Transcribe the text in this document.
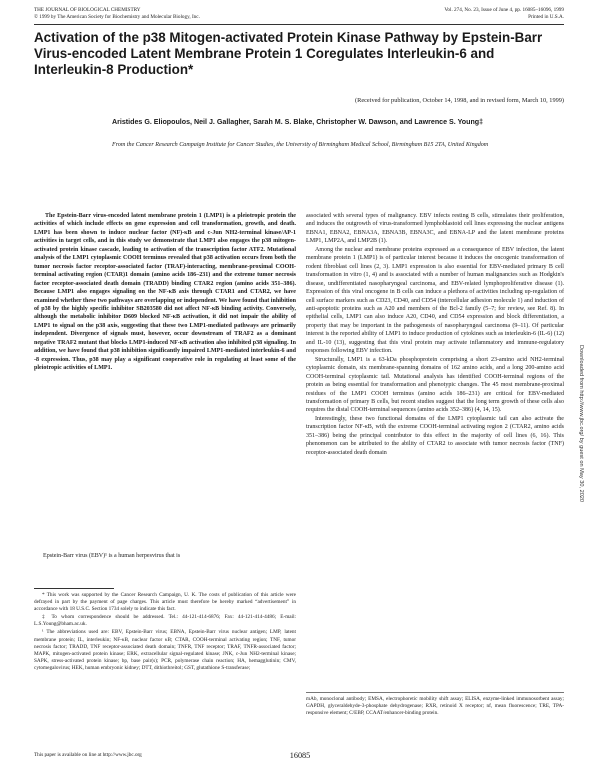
THE JOURNAL OF BIOLOGICAL CHEMISTRY
© 1999 by The American Society for Biochemistry and Molecular Biology, Inc.
Vol. 274, No. 23, Issue of June 4, pp. 16085–16096, 1999
Printed in U.S.A.
Activation of the p38 Mitogen-activated Protein Kinase Pathway by Epstein-Barr Virus-encoded Latent Membrane Protein 1 Coregulates Interleukin-6 and Interleukin-8 Production*
(Received for publication, October 14, 1998, and in revised form, March 10, 1999)
Aristides G. Eliopoulos, Neil J. Gallagher, Sarah M. S. Blake, Christopher W. Dawson, and Lawrence S. Young‡
From the Cancer Research Campaign Institute for Cancer Studies, the University of Birmingham Medical School, Birmingham B15 2TA, United Kingdom

The Epstein-Barr virus-encoded latent membrane protein 1 (LMP1) is a pleiotropic protein the activities of which include effects on gene expression and cell transformation, growth, and death. LMP1 has been shown to induce nuclear factor (NF)-κB and c-Jun NH2-terminal kinase/AP-1 activities in target cells, and in this study we demonstrate that LMP1 also engages the p38 mitogen-activated protein kinase cascade, leading to activation of the transcription factor ATF2. Mutational analysis of the LMP1 cytoplasmic COOH terminus revealed that p38 activation occurs from both the tumor necrosis factor receptor-associated factor (TRAF)-interacting, membrane-proximal COOH-terminal activating region (CTAR)1 domain (amino acids 186–231) and the extreme tumor necrosis factor receptor-associated death domain (TRADD) binding CTAR2 region (amino acids 351–386). Because LMP1 also engages signaling on the NF-κB axis through CTAR1 and CTAR2, we have examined whether these two pathways are overlapping or independent. We have found that inhibition of p38 by the highly specific inhibitor SB203580 did not affect NF-κB binding activity. Conversely, although the metabolic inhibitor D609 blocked NF-κB activation, it did not impair the ability of LMP1 to signal on the p38 axis, suggesting that these two LMP1-mediated pathways are primarily independent. Divergence of signals must, however, occur downstream of TRAF2 as a dominant negative TRAF2 mutant that blocks LMP1-induced NF-κB activation also inhibited p38 signaling. In addition, we have found that p38 inhibition significantly impaired LMP1-mediated interleukin-6 and -8 expression. Thus, p38 may play a significant cooperative role in regulating at least some of the pleiotropic activities of LMP1.

Epstein-Barr virus (EBV)¹ is a human herpesvirus that is

* This work was supported by the Cancer Research Campaign, U. K. The costs of publication of this article were defrayed in part by the payment of page charges. This article must therefore be hereby marked “advertisement” in accordance with 18 U.S.C. Section 1734 solely to indicate this fact.

‡ To whom correspondence should be addressed. Tel.: 44-121-414-6876; Fax: 44-121-414-4486; E-mail: L.S.Young@bham.ac.uk.

¹ The abbreviations used are: EBV, Epstein-Barr virus; EBNA, Epstein-Barr virus nuclear antigen; LMP, latent membrane protein; IL, interleukin; NF-κB, nuclear factor κB; CTAR, COOH-terminal activating region; TNF, tumor necrosis factor; TRADD, TNF receptor-associated death domain; TNFR, TNF receptor; TRAF, TNFR-associated factor; MAPK, mitogen-activated protein kinase; ERK, extracellular signal-regulated kinase; JNK, c-Jun NH2-terminal kinase; SAPK, stress-activated protein kinase; bp, base pair(s); PCR, polymerase chain reaction; HA, hemagglutinin; CMV, cytomegalovirus; HEK, human embryonic kidney; DTT, dithiothreitol; GST, glutathione S-transferase;

associated with several types of malignancy. EBV infects resting B cells, stimulates their proliferation, and induces the outgrowth of virus-transformed lymphoblastoid cell lines expressing the nuclear antigens EBNA1, EBNA2, EBNA3A, EBNA3B, EBNA3C, and EBNA-LP and the latent membrane proteins LMP1, LMP2A, and LMP2B (1).

Among the nuclear and membrane proteins expressed as a consequence of EBV infection, the latent membrane protein 1 (LMP1) is of particular interest because it induces the oncogenic transformation of rodent fibroblast cell lines (2, 3). LMP1 expression is also essential for EBV-mediated primary B cell transformation in vitro (1, 4) and is associated with a number of human malignancies such as Hodgkin's disease, undifferentiated nasopharyngeal carcinoma, and EBV-related lymphoproliferative disease (1). Expression of this viral oncogene in B cells can induce a plethora of activities including up-regulation of cell surface markers such as CD23, CD40, and CD54 (intercellular adhesion molecule 1) and induction of anti-apoptotic proteins such as A20 and members of the Bcl-2 family (5–7; for review, see Ref. 8). In epithelial cells, LMP1 can also induce A20, CD40, and CD54 expression and block differentiation, a property that may be important in the pathogenesis of nasopharyngeal carcinoma (9–11). Of particular interest is the reported ability of LMP1 to induce production of cytokines such as interleukin-6 (IL-6) (12) and IL-10 (13), suggesting that this viral protein may activate inflammatory and immune-regulatory responses following EBV infection.

Structurally, LMP1 is a 63-kDa phosphoprotein comprising a short 23-amino acid NH2-terminal cytoplasmic domain, six membrane-spanning domains of 162 amino acids, and a long 200-amino acid COOH-terminal cytoplasmic tail. Mutational analysis has identified COOH-terminal regions of the protein as being essential for transformation and phenotypic changes. The 45 most membrane-proximal residues of the LMP1 COOH terminus (amino acids 186–231) are critical for EBV-mediated transformation of primary B cells, but recent studies suggest that the long term growth of these cells also requires the distal COOH-terminal sequences (amino acids 352–386) (4, 14, 15).

Interestingly, these two functional domains of the LMP1 cytoplasmic tail can also activate the transcription factor NF-κB, with the extreme COOH-terminal activating region 2 (CTAR2, amino acids 351–386) being the principal contributor to this effect in the majority of cell lines (6, 16). This phenomenon can be attributed to the ability of CTAR2 to associate with tumor necrosis factor (TNF) receptor-associated death domain

mAb, monoclonal antibody; EMSA, electrophoretic mobility shift assay; ELISA, enzyme-linked immunosorbent assay; GAPDH, glyceraldehyde-3-phosphate dehydrogenase; RXR, retinoid X receptor; nf, mean fluorescence; TRE, TPA-responsive element; C/EBP, CCAAT/enhancer-binding protein.
This paper is available on line at http://www.jbc.org	16085
Downloaded from http://www.jbc.org/ by guest on May 30, 2020
